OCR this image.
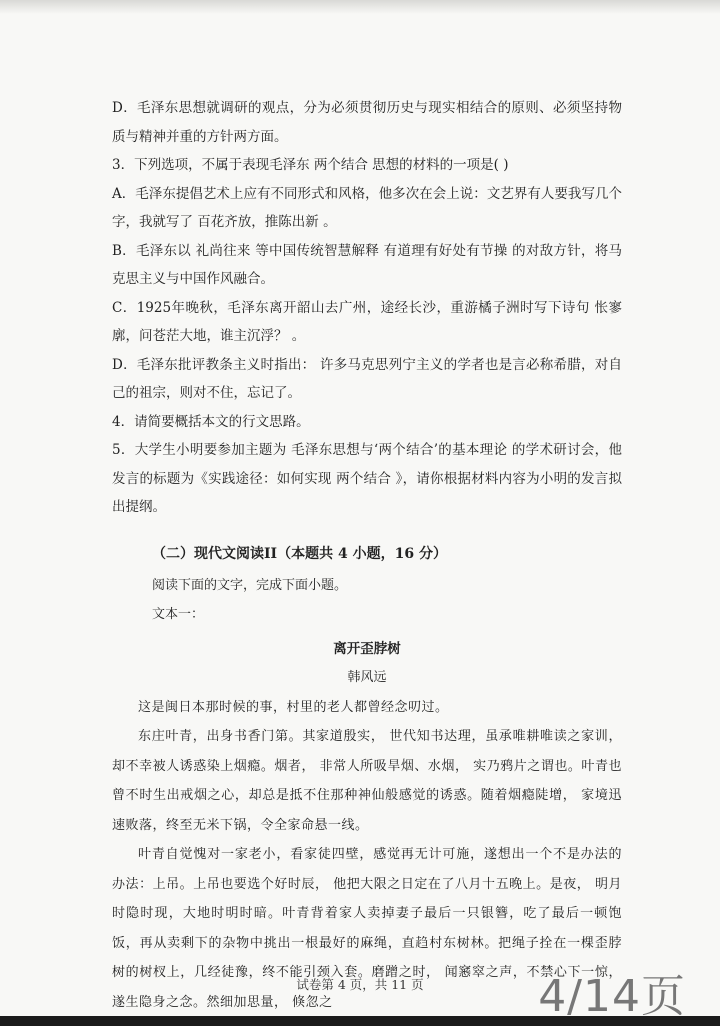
D．毛泽东思想就调研的观点，分为必须贯彻历史与现实相结合的原则、必须坚持物质与精神并重的方针两方面。

3．下列选项，不属于表现毛泽东 两个结合 思想的材料的一项是( )

A．毛泽东提倡艺术上应有不同形式和风格，他多次在会上说：文艺界有人要我写几个字，我就写了 百花齐放，推陈出新 。

B．毛泽东以 礼尚往来 等中国传统智慧解释 有道理有好处有节操 的对敌方针，将马克思主义与中国作风融合。

C．1925年晚秋，毛泽东离开韶山去广州，途经长沙，重游橘子洲时写下诗句 怅寥廓，问苍茫大地，谁主沉浮？ 。

D．毛泽东批评教条主义时指出： 许多马克思列宁主义的学者也是言必称希腊，对自己的祖宗，则对不住，忘记了。

4．请简要概括本文的行文思路。

5．大学生小明要参加主题为 毛泽东思想与‘两个结合’的基本理论 的学术研讨会，他发言的标题为《实践途径：如何实现 两个结合 》，请你根据材料内容为小明的发言拟出提纲。

（二）现代文阅读II（本题共 4 小题，16 分）
阅读下面的文字，完成下面小题。
文本一：
离开歪脖树
韩风远

这是闽日本那时候的事，村里的老人都曾经念叨过。

东庄叶青，出身书香门第。其家道殷实， 世代知书达理，虽承唯耕唯读之家训，却不幸被人诱惑染上烟瘾。烟者， 非常人所吸旱烟、水烟， 实乃鸦片之谓也。叶青也曾不时生出戒烟之心，却总是抵不住那种神仙般感觉的诱惑。随着烟瘾陡增， 家境迅速败落，终至无米下锅，令全家命悬一线。

叶青自觉愧对一家老小，看家徒四壁，感觉再无计可施，遂想出一个不是办法的办法：上吊。上吊也要选个好时辰， 他把大限之日定在了八月十五晚上。是夜， 明月时隐时现，大地时明时暗。叶青背着家人卖掉妻子最后一只银簪，吃了最后一顿饱饭，再从卖剩下的杂物中挑出一根最好的麻绳，直趋村东树林。把绳子拴在一棵歪脖树的树杈上，几经徒豫，终不能引颈入套。磨蹭之时， 闻窸窣之声，不禁心下一惊，遂生隐身之念。然细加思量， 倏忽之

试卷第 4 页，共 11 页	4/14页
